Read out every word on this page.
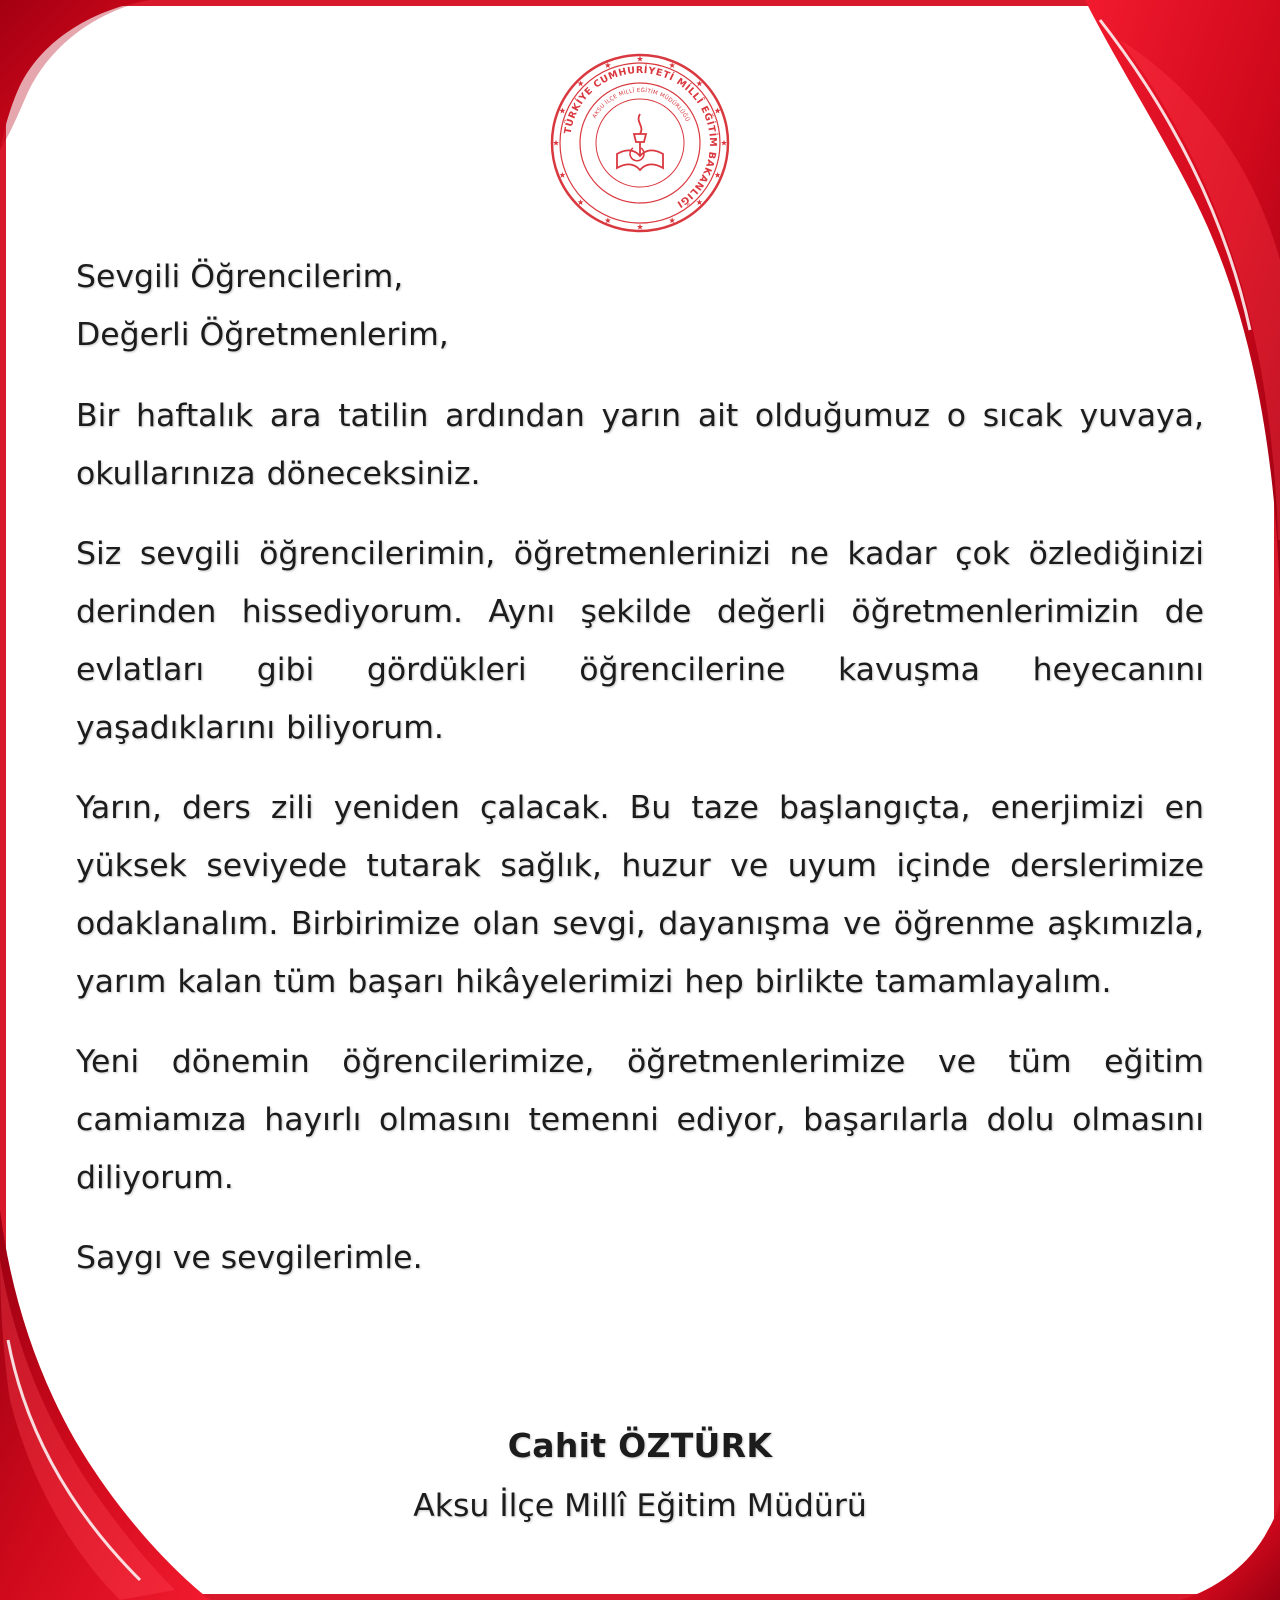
TÜRKİYE CUMHURİYETİ MİLLÎ EĞİTİM BAKANLIĞI
AKSU İLÇE MİLLÎ EĞİTİM MÜDÜRLÜĞÜ
Sevgili Öğrencilerim,
Değerli Öğretmenlerim,

Bir haftalık ara tatilin ardından yarın ait olduğumuz o sıcak yuvaya, okullarınıza döneceksiniz.

Siz sevgili öğrencilerimin, öğretmenlerinizi ne kadar çok özlediğinizi derinden hissediyorum. Aynı şekilde değerli öğretmenlerimizin de evlatları gibi gördükleri öğrencilerine kavuşma heyecanını yaşadıklarını biliyorum.

Yarın, ders zili yeniden çalacak. Bu taze başlangıçta, enerjimizi en yüksek seviyede tutarak sağlık, huzur ve uyum içinde derslerimize odaklanalım. Birbirimize olan sevgi, dayanışma ve öğrenme aşkımızla, yarım kalan tüm başarı hikâyelerimizi hep birlikte tamamlayalım.

Yeni dönemin öğrencilerimize, öğretmenlerimize ve tüm eğitim camiamıza hayırlı olmasını temenni ediyor, başarılarla dolu olmasını diliyorum.

Saygı ve sevgilerimle.

Cahit ÖZTÜRK
Aksu İlçe Millî Eğitim Müdürü
